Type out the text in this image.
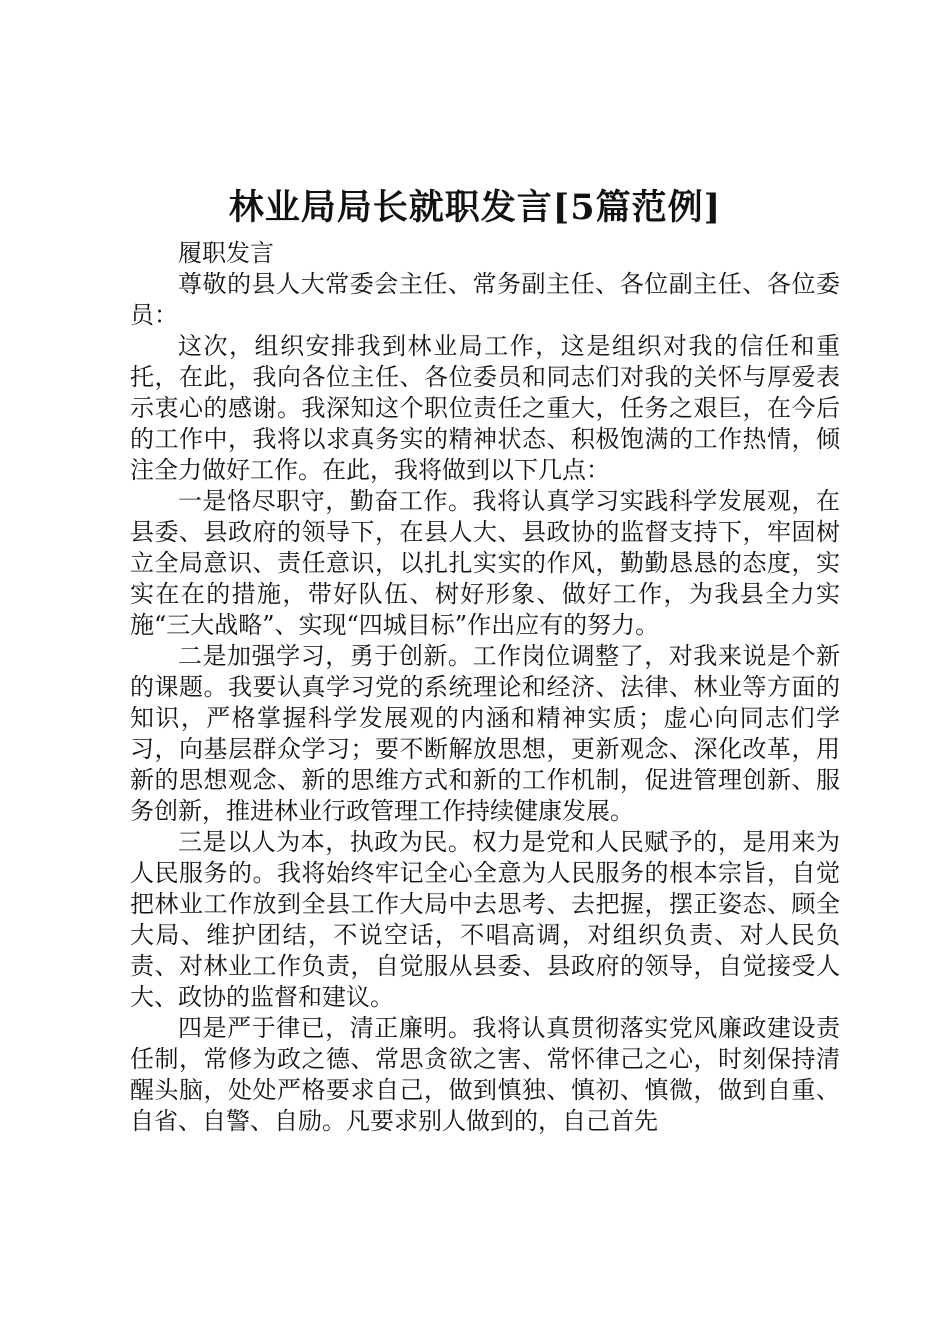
林业局局长就职发言[5篇范例]

履职发言

尊敬的县人大常委会主任、常务副主任、各位副主任、各位委员：

这次，组织安排我到林业局工作，这是组织对我的信任和重托，在此，我向各位主任、各位委员和同志们对我的关怀与厚爱表示衷心的感谢。我深知这个职位责任之重大，任务之艰巨，在今后的工作中，我将以求真务实的精神状态、积极饱满的工作热情，倾注全力做好工作。在此，我将做到以下几点：

一是恪尽职守，勤奋工作。我将认真学习实践科学发展观，在县委、县政府的领导下，在县人大、县政协的监督支持下，牢固树立全局意识、责任意识，以扎扎实实的作风，勤勤恳恳的态度，实实在在的措施，带好队伍、树好形象、做好工作，为我县全力实施“三大战略”、实现“四城目标”作出应有的努力。

二是加强学习，勇于创新。工作岗位调整了，对我来说是个新的课题。我要认真学习党的系统理论和经济、法律、林业等方面的知识，严格掌握科学发展观的内涵和精神实质；虚心向同志们学习，向基层群众学习；要不断解放思想，更新观念、深化改革，用新的思想观念、新的思维方式和新的工作机制，促进管理创新、服务创新，推进林业行政管理工作持续健康发展。

三是以人为本，执政为民。权力是党和人民赋予的，是用来为人民服务的。我将始终牢记全心全意为人民服务的根本宗旨，自觉把林业工作放到全县工作大局中去思考、去把握，摆正姿态、顾全大局、维护团结，不说空话，不唱高调，对组织负责、对人民负责、对林业工作负责，自觉服从县委、县政府的领导，自觉接受人大、政协的监督和建议。

四是严于律已，清正廉明。我将认真贯彻落实党风廉政建设责任制，常修为政之德、常思贪欲之害、常怀律己之心，时刻保持清醒头脑，处处严格要求自己，做到慎独、慎初、慎微，做到自重、自省、自警、自励。凡要求别人做到的，自己首先
